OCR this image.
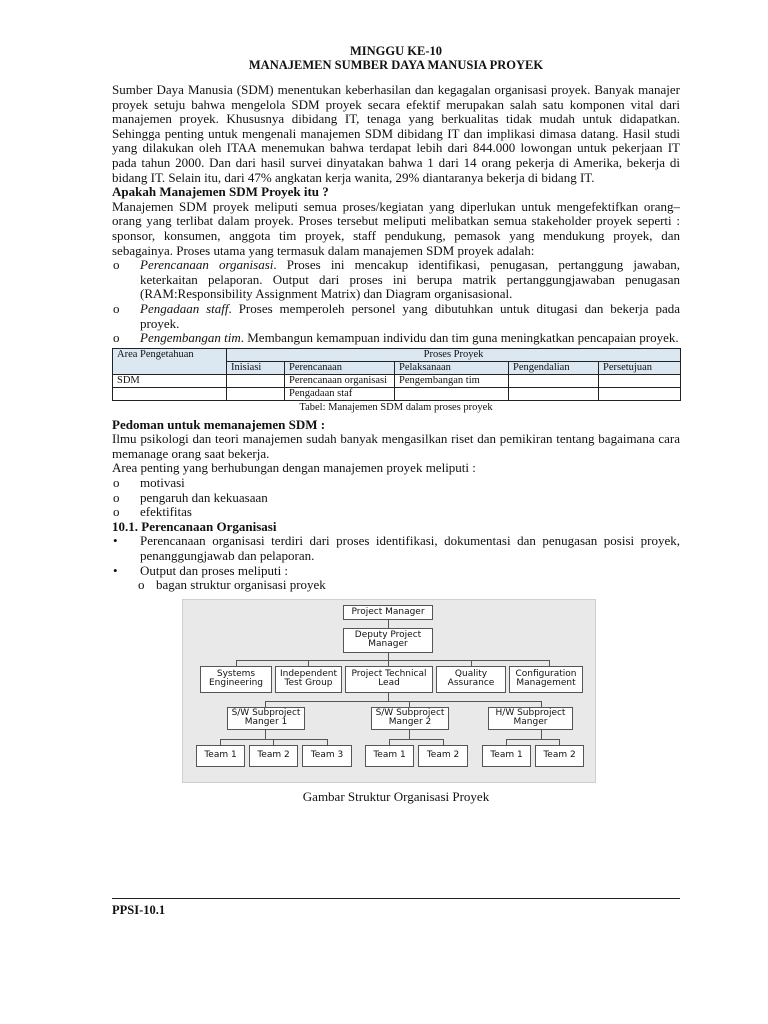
MINGGU KE-10

MANAJEMEN SUMBER DAYA MANUSIA PROYEK

Sumber Daya Manusia (SDM) menentukan keberhasilan dan kegagalan organisasi proyek. Banyak manajer proyek setuju bahwa mengelola SDM proyek secara efektif merupakan salah satu komponen vital dari manajemen proyek. Khususnya dibidang IT, tenaga yang berkualitas tidak mudah untuk didapatkan. Sehingga penting untuk mengenali manajemen SDM dibidang IT dan implikasi dimasa datang. Hasil studi yang dilakukan oleh ITAA menemukan bahwa terdapat lebih dari 844.000 lowongan untuk pekerjaan IT pada tahun 2000. Dan dari hasil survei dinyatakan bahwa 1 dari 14 orang pekerja di Amerika, bekerja di bidang IT. Selain itu, dari 47% angkatan kerja wanita, 29% diantaranya bekerja di bidang IT.

Apakah Manajemen SDM Proyek itu ?

Manajemen SDM proyek meliputi semua proses/kegiatan yang diperlukan untuk mengefektifkan orang–orang yang terlibat dalam proyek. Proses tersebut meliputi melibatkan semua stakeholder proyek seperti : sponsor, konsumen, anggota tim proyek, staff pendukung, pemasok yang mendukung proyek, dan sebagainya. Proses utama yang termasuk dalam manajemen SDM proyek adalah:

o Perencanaan organisasi. Proses ini mencakup identifikasi, penugasan, pertanggung jawaban, keterkaitan pelaporan. Output dari proses ini berupa matrik pertanggungjawaban penugasan (RAM:Responsibility Assignment Matrix) dan Diagram organisasional.

o Pengadaan staff. Proses memperoleh personel yang dibutuhkan untuk ditugasi dan bekerja pada proyek.

o Pengembangan tim. Membangun kemampuan individu dan tim guna meningkatkan pencapaian proyek.

Area Pengetahuan	Proses Proyek				
	Inisiasi	Perencanaan	Pelaksanaan	Pengendalian	Persetujuan
SDM		Perencanaan organisasi	Pengembangan tim		
		Pengadaan staf			

Tabel: Manajemen SDM dalam proses proyek

Pedoman untuk memanajemen SDM :

Ilmu psikologi dan teori manajemen sudah banyak mengasilkan riset dan pemikiran tentang bagaimana cara memanage orang saat bekerja.

Area penting yang berhubungan dengan manajemen proyek meliputi :

o motivasi

o pengaruh dan kekuasaan

o efektifitas

10.1. Perencanaan Organisasi

• Perencanaan organisasi terdiri dari proses identifikasi, dokumentasi dan penugasan posisi proyek, penanggungjawab dan pelaporan.

• Output dan proses meliputi :

o bagan struktur organisasi proyek

Project Manager
Deputy Project Manager
Systems Engineering
Independent Test Group
Project Technical Lead
Quality Assurance
Configuration Management
S/W Subproject Manger 1
S/W Subproject Manger 2
H/W Subproject Manger
Team 1	Team 2	Team 3	Team 1	Team 2	Team 1	Team 2

Gambar Struktur Organisasi Proyek

PPSI-10.1
